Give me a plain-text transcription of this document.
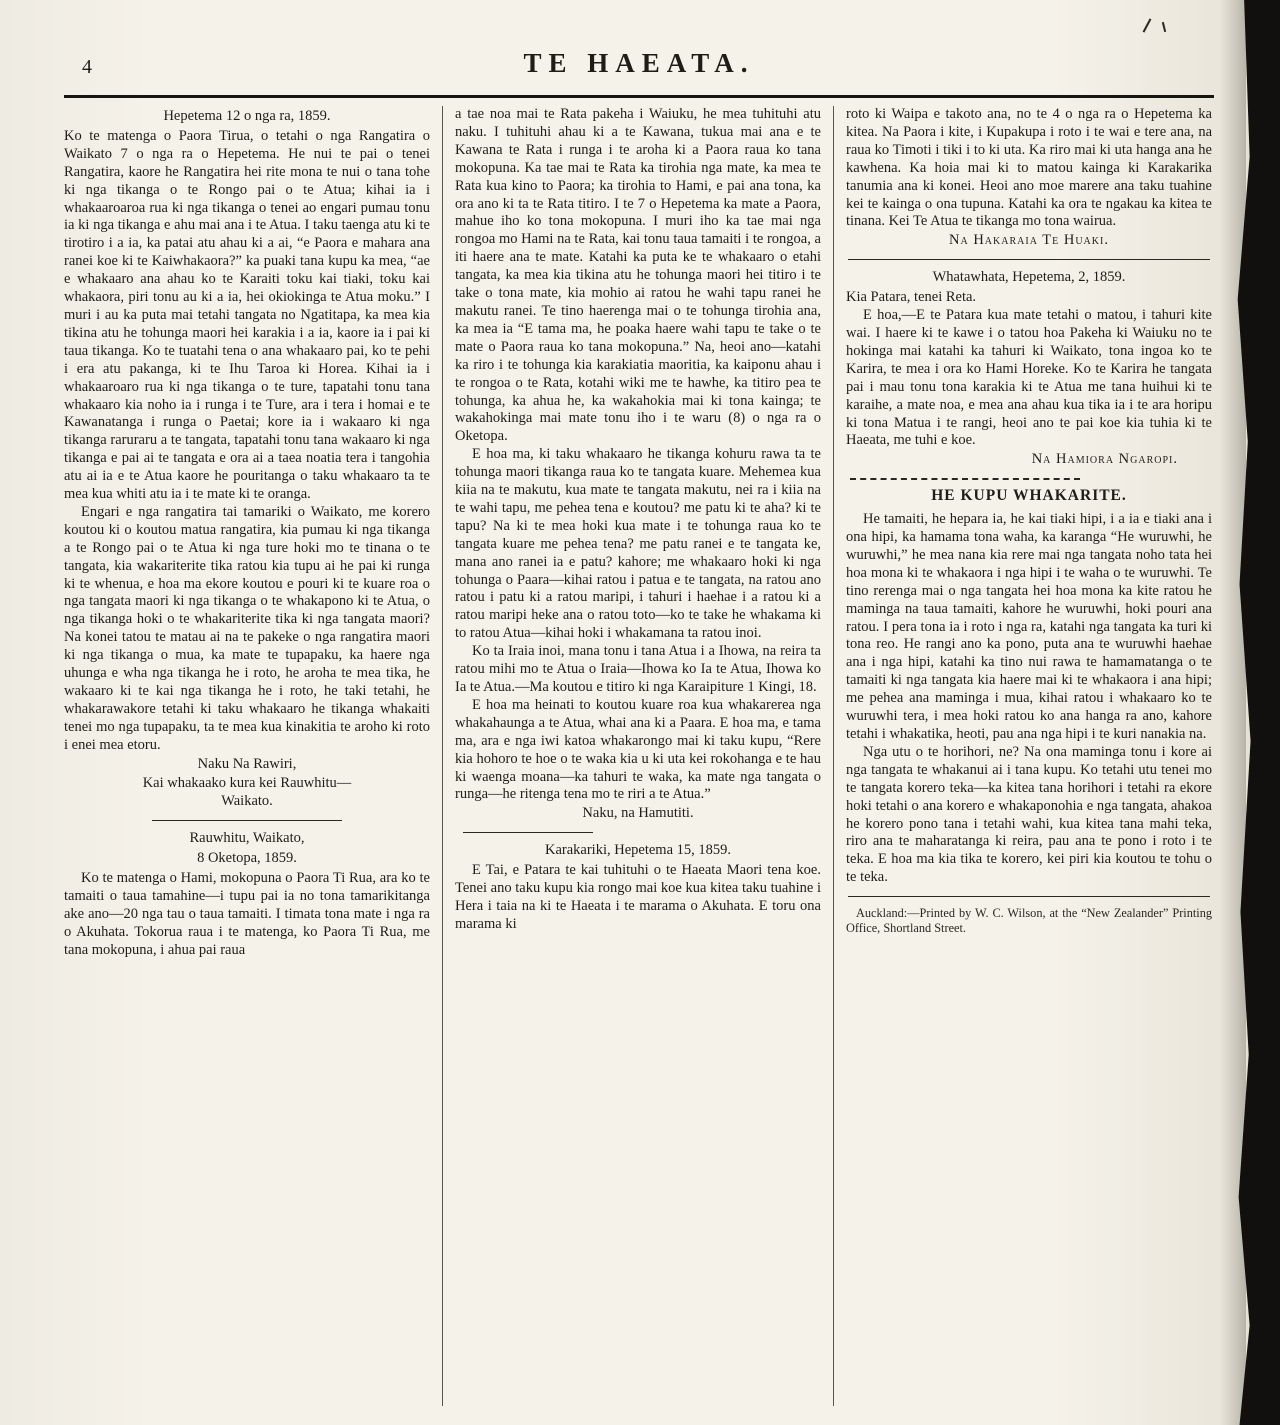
4	TE HAEATA.
Hepetema 12 o nga ra, 1859.

Ko te matenga o Paora Tirua, o tetahi o nga Rangatira o Waikato 7 o nga ra o Hepetema. He nui te pai o tenei Rangatira, kaore he Rangatira hei rite mona te nui o tana tohe ki nga tikanga o te Rongo pai o te Atua; kihai ia i whakaaroaroa rua ki nga tikanga o tenei ao engari pumau tonu ia ki nga tikanga e ahu mai ana i te Atua. I taku taenga atu ki te tirotiro i a ia, ka patai atu ahau ki a ai, “e Paora e mahara ana ranei koe ki te Kaiwhakaora?” ka puaki tana kupu ka mea, “ae e whakaaro ana ahau ko te Karaiti toku kai tiaki, toku kai whakaora, piri tonu au ki a ia, hei okiokinga te Atua moku.” I muri i au ka puta mai tetahi tangata no Ngatitapa, ka mea kia tikina atu he tohunga maori hei karakia i a ia, kaore ia i pai ki taua tikanga. Ko te tuatahi tena o ana whakaaro pai, ko te pehi i era atu pakanga, ki te Ihu Taroa ki Horea. Kihai ia i whakaaroaro rua ki nga tikanga o te ture, tapatahi tonu tana whakaaro kia noho ia i runga i te Ture, ara i tera i homai e te Kawanatanga i runga o Paetai; kore ia i wakaaro ki nga tikanga raruraru a te tangata, tapatahi tonu tana wakaaro ki nga tikanga e pai ai te tangata e ora ai a taea noatia tera i tangohia atu ai ia e te Atua kaore he pouritanga o taku whakaaro ta te mea kua whiti atu ia i te mate ki te oranga.

Engari e nga rangatira tai tamariki o Waikato, me korero koutou ki o koutou matua rangatira, kia pumau ki nga tikanga a te Rongo pai o te Atua ki nga ture hoki mo te tinana o te tangata, kia wakariterite tika ratou kia tupu ai he pai ki runga ki te whenua, e hoa ma ekore koutou e pouri ki te kuare roa o nga tangata maori ki nga tikanga o te whakapono ki te Atua, o nga tikanga hoki o te whakariterite tika ki nga tangata maori? Na konei tatou te matau ai na te pakeke o nga rangatira maori ki nga tikanga o mua, ka mate te tupapaku, ka haere nga uhunga e wha nga tikanga he i roto, he aroha te mea tika, he wakaaro ki te kai nga tikanga he i roto, he taki tetahi, he whakarawakore tetahi ki taku whakaaro he tikanga whakaiti tenei mo nga tupapaku, ta te mea kua kinakitia te aroho ki roto i enei mea etoru.

Naku Na Rawiri,
Kai whakaako kura kei Rauwhitu—
Waikato.
Rauwhitu, Waikato,
8 Oketopa, 1859.

Ko te matenga o Hami, mokopuna o Paora Ti Rua, ara ko te tamaiti o taua tamahine—i tupu pai ia no tona tamarikitanga ake ano—20 nga tau o taua tamaiti. I timata tona mate i nga ra o Akuhata. Tokorua raua i te matenga, ko Paora Ti Rua, me tana mokopuna, i ahua pai raua

a tae noa mai te Rata pakeha i Waiuku, he mea tuhituhi atu naku. I tuhituhi ahau ki a te Kawana, tukua mai ana e te Kawana te Rata i runga i te aroha ki a Paora raua ko tana mokopuna. Ka tae mai te Rata ka tirohia nga mate, ka mea te Rata kua kino to Paora; ka tirohia to Hami, e pai ana tona, ka ora ano ki ta te Rata titiro. I te 7 o Hepetema ka mate a Paora, mahue iho ko tona mokopuna. I muri iho ka tae mai nga rongoa mo Hami na te Rata, kai tonu taua tamaiti i te rongoa, a iti haere ana te mate. Katahi ka puta ke te whakaaro o etahi tangata, ka mea kia tikina atu he tohunga maori hei titiro i te take o tona mate, kia mohio ai ratou he wahi tapu ranei he makutu ranei. Te tino haerenga mai o te tohunga tirohia ana, ka mea ia “E tama ma, he poaka haere wahi tapu te take o te mate o Paora raua ko tana mokopuna.” Na, heoi ano—katahi ka riro i te tohunga kia karakiatia maoritia, ka kaiponu ahau i te rongoa o te Rata, kotahi wiki me te hawhe, ka titiro pea te tohunga, ka ahua he, ka wakahokia mai ki tona kainga; te wakahokinga mai mate tonu iho i te waru (8) o nga ra o Oketopa.

E hoa ma, ki taku whakaaro he tikanga kohuru rawa ta te tohunga maori tikanga raua ko te tangata kuare. Mehemea kua kiia na te makutu, kua mate te tangata makutu, nei ra i kiia na te wahi tapu, me pehea tena e koutou? me patu ki te aha? ki te tapu? Na ki te mea hoki kua mate i te tohunga raua ko te tangata kuare me pehea tena? me patu ranei e te tangata ke, mana ano ranei ia e patu? kahore; me whakaaro hoki ki nga tohunga o Paara—kihai ratou i patua e te tangata, na ratou ano ratou i patu ki a ratou maripi, i tahuri i haehae i a ratou ki a ratou maripi heke ana o ratou toto—ko te take he whakama ki to ratou Atua—kihai hoki i whakamana ta ratou inoi.

Ko ta Iraia inoi, mana tonu i tana Atua i a Ihowa, na reira ta ratou mihi mo te Atua o Iraia—Ihowa ko Ia te Atua, Ihowa ko Ia te Atua.—Ma koutou e titiro ki nga Karaipiture 1 Kingi, 18.

E hoa ma heinati to koutou kuare roa kua whakarerea nga whakahaunga a te Atua, whai ana ki a Paara. E hoa ma, e tama ma, ara e nga iwi katoa whakarongo mai ki taku kupu, “Rere kia hohoro te hoe o te waka kia u ki uta kei rokohanga e te hau ki waenga moana—ka tahuri te waka, ka mate nga tangata o runga—he ritenga tena mo te riri a te Atua.”

Naku, na Hamutiti.
Karakariki, Hepetema 15, 1859.

E Tai, e Patara te kai tuhituhi o te Haeata Maori tena koe. Tenei ano taku kupu kia rongo mai koe kua kitea taku tuahine i Hera i taia na ki te Haeata i te marama o Akuhata. E toru ona marama ki

roto ki Waipa e takoto ana, no te 4 o nga ra o Hepetema ka kitea. Na Paora i kite, i Kupakupa i roto i te wai e tere ana, na raua ko Timoti i tiki i to ki uta. Ka riro mai ki uta hanga ana he kawhena. Ka hoia mai ki to matou kainga ki Karakarika tanumia ana ki konei. Heoi ano moe marere ana taku tuahine kei te kainga o ona tupuna. Katahi ka ora te ngakau ka kitea te tinana. Kei Te Atua te tikanga mo tona wairua.

Na Hakaraia Te Huaki.
Whatawhata, Hepetema, 2, 1859.

Kia Patara, tenei Reta.

E hoa,—E te Patara kua mate tetahi o matou, i tahuri kite wai. I haere ki te kawe i o tatou hoa Pakeha ki Waiuku no te hokinga mai katahi ka tahuri ki Waikato, tona ingoa ko te Karira, te mea i ora ko Hami Horeke. Ko te Karira he tangata pai i mau tonu tona karakia ki te Atua me tana huihui ki te karaihe, a mate noa, e mea ana ahau kua tika ia i te ara horipu ki tona Matua i te rangi, heoi ano te pai koe kia tuhia ki te Haeata, me tuhi e koe.

Na Hamiora Ngaropi.
HE KUPU WHAKARITE.

He tamaiti, he hepara ia, he kai tiaki hipi, i a ia e tiaki ana i ona hipi, ka hamama tona waha, ka karanga “He wuruwhi, he wuruwhi,” he mea nana kia rere mai nga tangata noho tata hei hoa mona ki te whakaora i nga hipi i te waha o te wuruwhi. Te tino rerenga mai o nga tangata hei hoa mona ka kite ratou he maminga na taua tamaiti, kahore he wuruwhi, hoki pouri ana ratou. I pera tona ia i roto i nga ra, katahi nga tangata ka turi ki tona reo. He rangi ano ka pono, puta ana te wuruwhi haehae ana i nga hipi, katahi ka tino nui rawa te hamamatanga o te tamaiti ki nga tangata kia haere mai ki te whakaora i ana hipi; me pehea ana maminga i mua, kihai ratou i whakaaro ko te wuruwhi tera, i mea hoki ratou ko ana hanga ra ano, kahore tetahi i whakatika, heoti, pau ana nga hipi i te kuri nanakia na.

Nga utu o te horihori, ne? Na ona maminga tonu i kore ai nga tangata te whakanui ai i tana kupu. Ko tetahi utu tenei mo te tangata korero teka—ka kitea tana horihori i tetahi ra ekore hoki tetahi o ana korero e whakaponohia e nga tangata, ahakoa he korero pono tana i tetahi wahi, kua kitea tana mahi teka, riro ana te maharatanga ki reira, pau ana te pono i roto i te teka. E hoa ma kia tika te korero, kei piri kia koutou te tohu o te teka.

Auckland:—Printed by W. C. Wilson, at the “New Zealander” Printing Office, Shortland Street.
